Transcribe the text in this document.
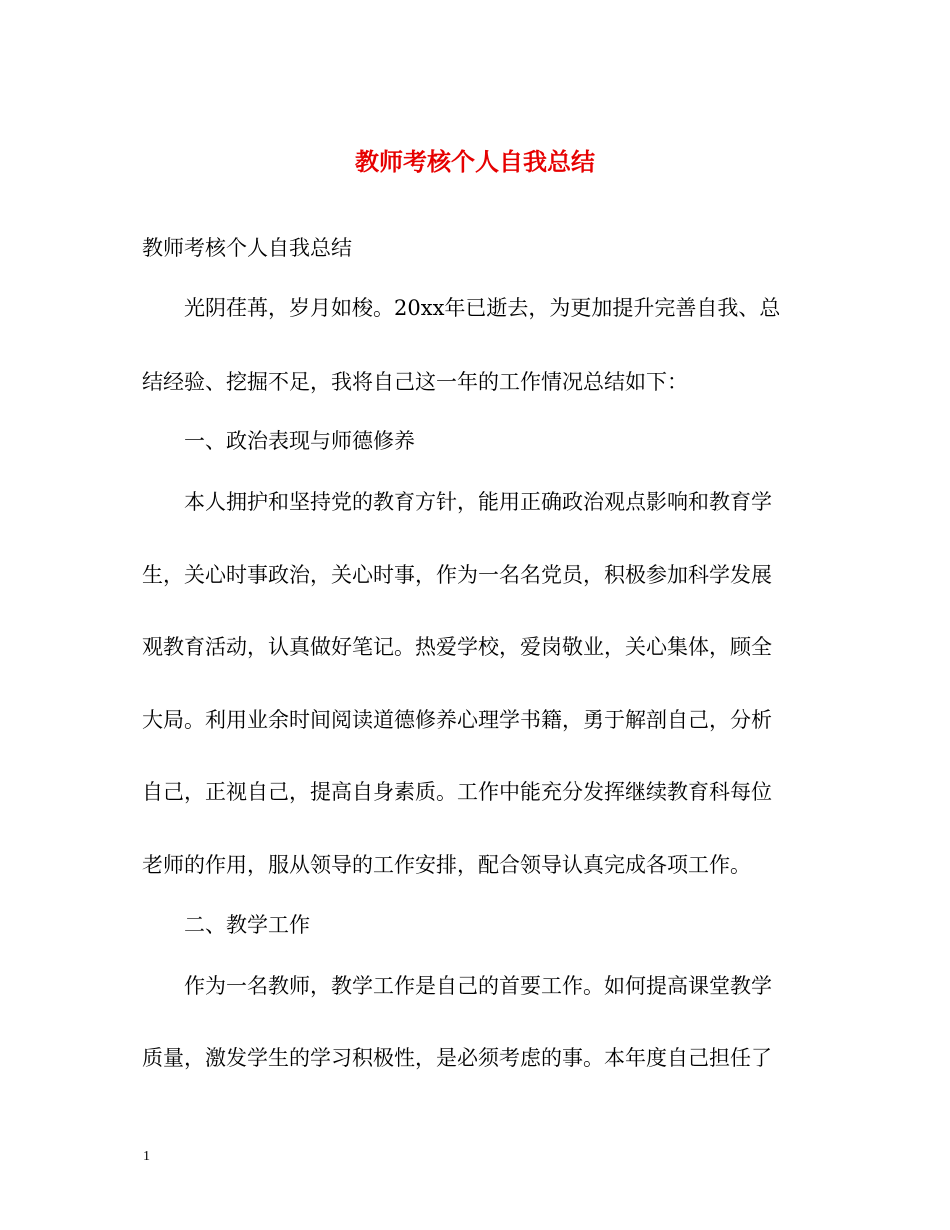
教师考核个人自我总结
教师考核个人自我总结
光阴荏苒，岁月如梭。20xx年已逝去，为更加提升完善自我、总
结经验、挖掘不足，我将自己这一年的工作情况总结如下：
一、政治表现与师德修养
本人拥护和坚持党的教育方针，能用正确政治观点影响和教育学
生，关心时事政治，关心时事，作为一名名党员，积极参加科学发展
观教育活动，认真做好笔记。热爱学校，爱岗敬业，关心集体，顾全
大局。利用业余时间阅读道德修养心理学书籍，勇于解剖自己，分析
自己，正视自己，提高自身素质。工作中能充分发挥继续教育科每位
老师的作用，服从领导的工作安排，配合领导认真完成各项工作。
二、教学工作
作为一名教师，教学工作是自己的首要工作。如何提高课堂教学
质量，激发学生的学习积极性，是必须考虑的事。本年度自己担任了
1
